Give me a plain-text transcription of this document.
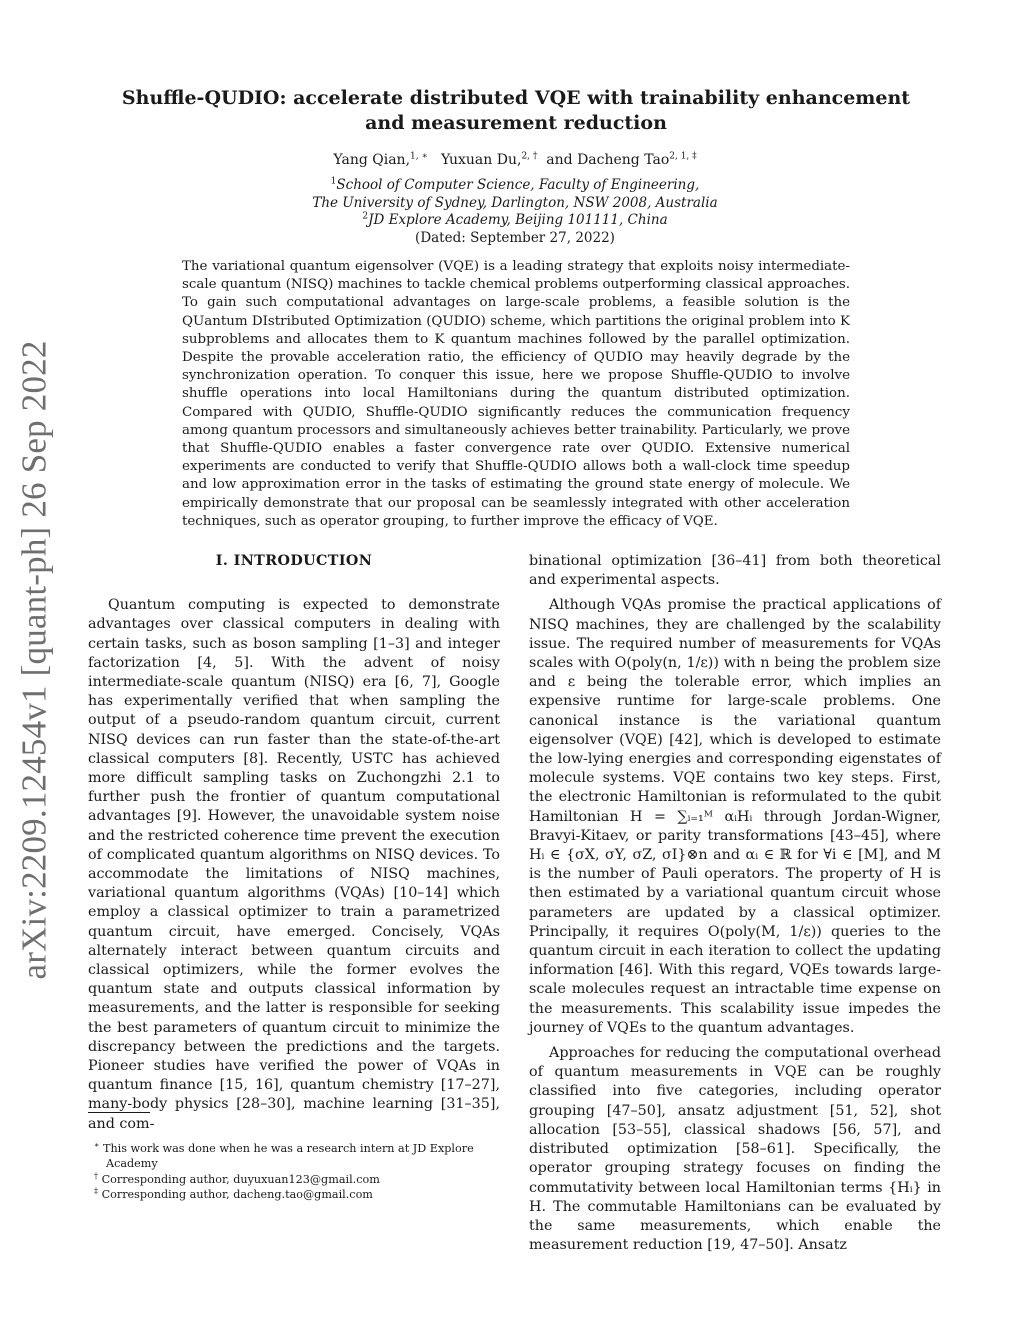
arXiv:2209.12454v1 [quant-ph] 26 Sep 2022
Shuffle-QUDIO: accelerate distributed VQE with trainability enhancement and measurement reduction
Yang Qian,$^{1, ∗}$ Yuxuan Du,$^{2, \dagger}$ and Dacheng Tao$^{2, 1, \ddagger}$
$^1$School of Computer Science, Faculty of Engineering,
The University of Sydney, Darlington, NSW 2008, Australia
$^2$JD Explore Academy, Beijing 101111, China
(Dated: September 27, 2022)
The variational quantum eigensolver (VQE) is a leading strategy that exploits noisy intermediate-scale quantum (NISQ) machines to tackle chemical problems outperforming classical approaches. To gain such computational advantages on large-scale problems, a feasible solution is the QUantum DIstributed Optimization (QUDIO) scheme, which partitions the original problem into K subproblems and allocates them to K quantum machines followed by the parallel optimization. Despite the provable acceleration ratio, the efficiency of QUDIO may heavily degrade by the synchronization operation. To conquer this issue, here we propose Shuffle-QUDIO to involve shuffle operations into local Hamiltonians during the quantum distributed optimization. Compared with QUDIO, Shuffle-QUDIO significantly reduces the communication frequency among quantum processors and simultaneously achieves better trainability. Particularly, we prove that Shuffle-QUDIO enables a faster convergence rate over QUDIO. Extensive numerical experiments are conducted to verify that Shuffle-QUDIO allows both a wall-clock time speedup and low approximation error in the tasks of estimating the ground state energy of molecule. We empirically demonstrate that our proposal can be seamlessly integrated with other acceleration techniques, such as operator grouping, to further improve the efficacy of VQE.
I. INTRODUCTION

Quantum computing is expected to demonstrate advantages over classical computers in dealing with certain tasks, such as boson sampling [1–3] and integer factorization [4, 5]. With the advent of noisy intermediate-scale quantum (NISQ) era [6, 7], Google has experimentally verified that when sampling the output of a pseudo-random quantum circuit, current NISQ devices can run faster than the state-of-the-art classical computers [8]. Recently, USTC has achieved more difficult sampling tasks on Zuchongzhi 2.1 to further push the frontier of quantum computational advantages [9]. However, the unavoidable system noise and the restricted coherence time prevent the execution of complicated quantum algorithms on NISQ devices. To accommodate the limitations of NISQ machines, variational quantum algorithms (VQAs) [10–14] which employ a classical optimizer to train a parametrized quantum circuit, have emerged. Concisely, VQAs alternately interact between quantum circuits and classical optimizers, while the former evolves the quantum state and outputs classical information by measurements, and the latter is responsible for seeking the best parameters of quantum circuit to minimize the discrepancy between the predictions and the targets. Pioneer studies have verified the power of VQAs in quantum finance [15, 16], quantum chemistry [17–27], many-body physics [28–30], machine learning [31–35], and com-

binational optimization [36–41] from both theoretical and experimental aspects.

Although VQAs promise the practical applications of NISQ machines, they are challenged by the scalability issue. The required number of measurements for VQAs scales with O(poly(n, 1/ε)) with n being the problem size and ε being the tolerable error, which implies an expensive runtime for large-scale problems. One canonical instance is the variational quantum eigensolver (VQE) [42], which is developed to estimate the low-lying energies and corresponding eigenstates of molecule systems. VQE contains two key steps. First, the electronic Hamiltonian is reformulated to the qubit Hamiltonian H = ∑ᵢ₌₁ᴹ αᵢHᵢ through Jordan-Wigner, Bravyi-Kitaev, or parity transformations [43–45], where Hᵢ ∈ {σX, σY, σZ, σI}⊗n and αᵢ ∈ ℝ for ∀i ∈ [M], and M is the number of Pauli operators. The property of H is then estimated by a variational quantum circuit whose parameters are updated by a classical optimizer. Principally, it requires O(poly(M, 1/ε)) queries to the quantum circuit in each iteration to collect the updating information [46]. With this regard, VQEs towards large-scale molecules request an intractable time expense on the measurements. This scalability issue impedes the journey of VQEs to the quantum advantages.

Approaches for reducing the computational overhead of quantum measurements in VQE can be roughly classified into five categories, including operator grouping [47–50], ansatz adjustment [51, 52], shot allocation [53–55], classical shadows [56, 57], and distributed optimization [58–61]. Specifically, the operator grouping strategy focuses on finding the commutativity between local Hamiltonian terms {Hᵢ} in H. The commutable Hamiltonians can be evaluated by the same measurements, which enable the measurement reduction [19, 47–50]. Ansatz

∗ This work was done when he was a research intern at JD Explore Academy
† Corresponding author, duyuxuan123@gmail.com
‡ Corresponding author, dacheng.tao@gmail.com
